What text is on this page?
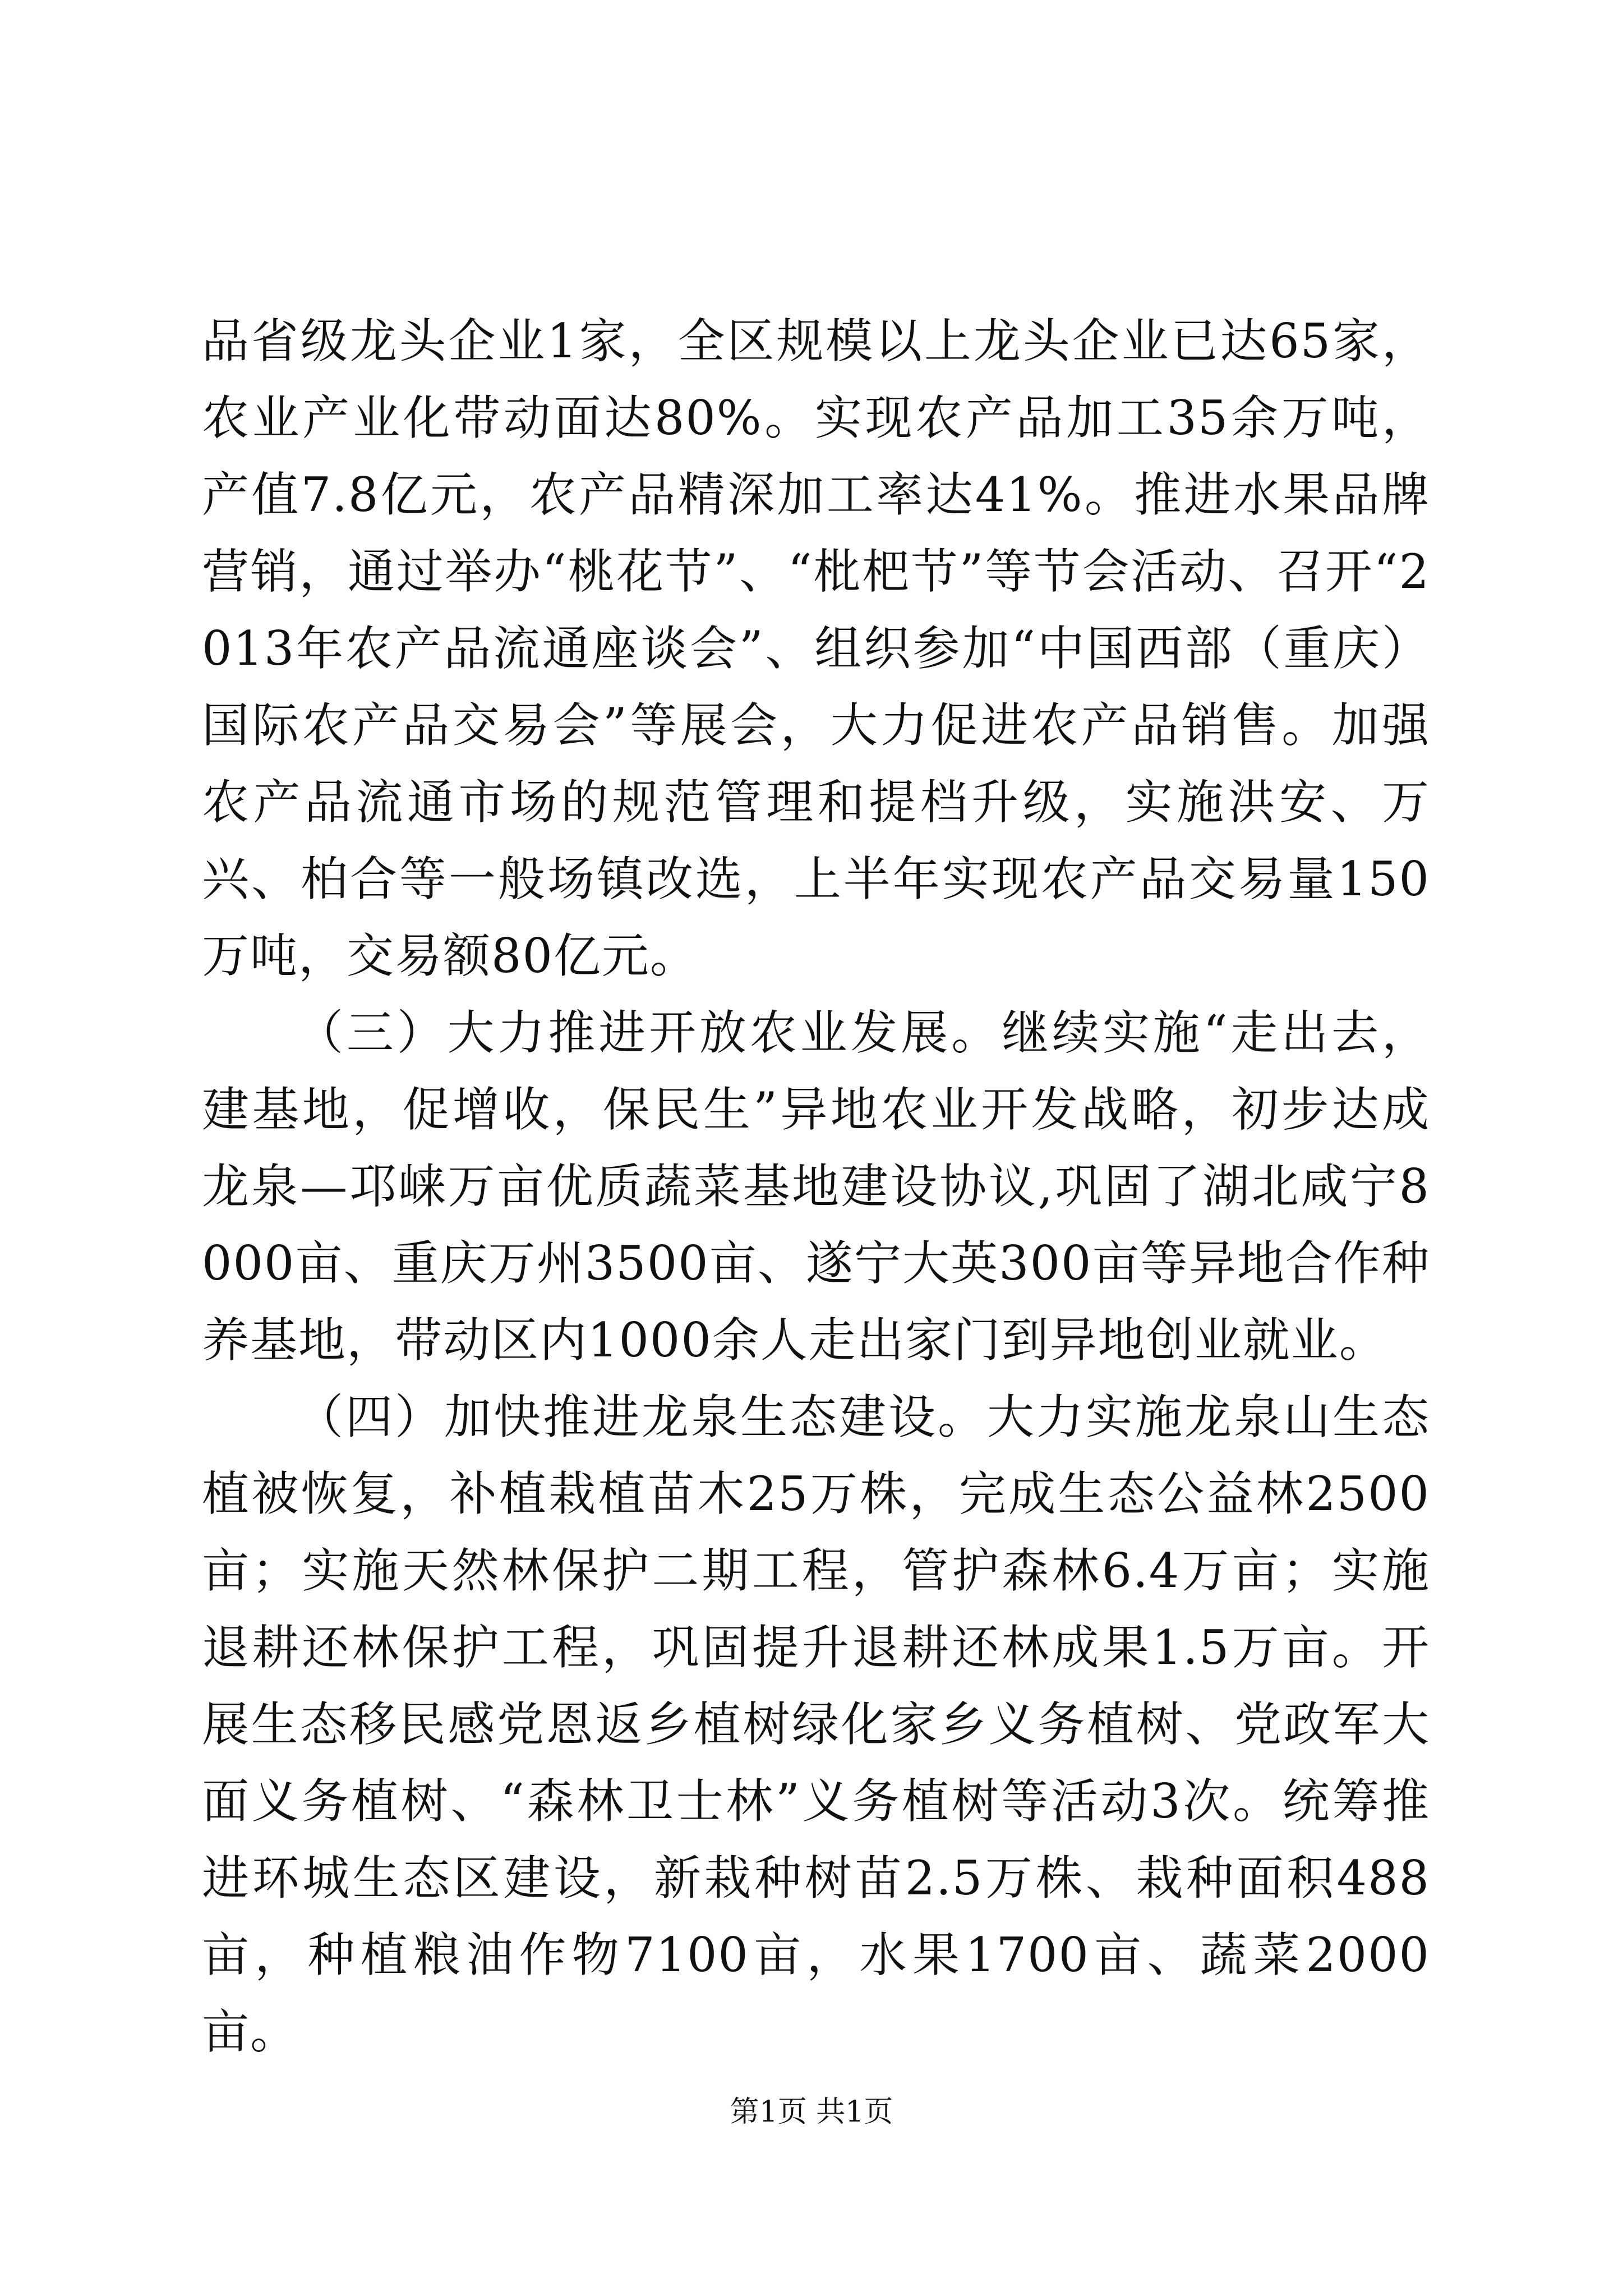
品省级龙头企业1家，全区规模以上龙头企业已达65家，农业产业化带动面达80%。实现农产品加工35余万吨，产值7.8亿元，农产品精深加工率达41%。推进水果品牌营销，通过举办“桃花节”、“枇杷节”等节会活动、召开“2013年农产品流通座谈会”、组织参加“中国西部（重庆）国际农产品交易会”等展会，大力促进农产品销售。加强农产品流通市场的规范管理和提档升级，实施洪安、万兴、柏合等一般场镇改选，上半年实现农产品交易量150万吨，交易额80亿元。

（三）大力推进开放农业发展。继续实施“走出去，建基地，促增收，保民生”异地农业开发战略，初步达成龙泉—邛崃万亩优质蔬菜基地建设协议,巩固了湖北咸宁8000亩、重庆万州3500亩、遂宁大英300亩等异地合作种养基地，带动区内1000余人走出家门到异地创业就业。

（四）加快推进龙泉生态建设。大力实施龙泉山生态植被恢复，补植栽植苗木25万株，完成生态公益林2500亩；实施天然林保护二期工程，管护森林6.4万亩；实施退耕还林保护工程，巩固提升退耕还林成果1.5万亩。开展生态移民感党恩返乡植树绿化家乡义务植树、党政军大面义务植树、“森林卫士林”义务植树等活动3次。统筹推进环城生态区建设，新栽种树苗2.5万株、栽种面积488亩，种植粮油作物7100亩，水果1700亩、蔬菜2000亩。

第1页 共1页
